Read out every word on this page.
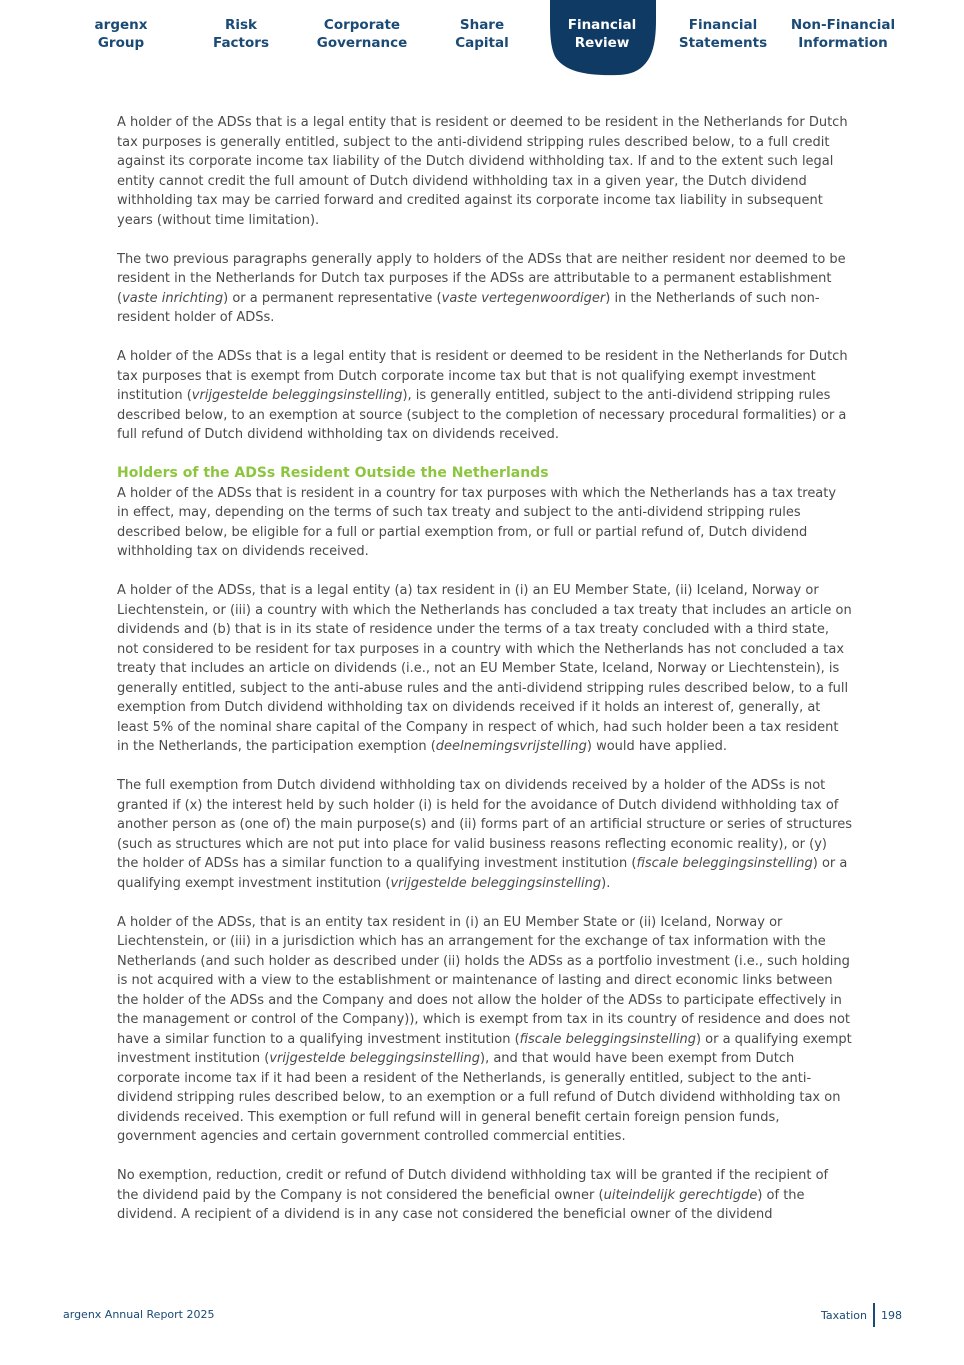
argenx
Group
Risk
Factors
Corporate
Governance
Share
Capital
Financial
Review
Financial
Statements
Non-Financial
Information

A holder of the ADSs that is a legal entity that is resident or deemed to be resident in the Netherlands for Dutch tax purposes is generally entitled, subject to the anti-dividend stripping rules described below, to a full credit against its corporate income tax liability of the Dutch dividend withholding tax. If and to the extent such legal entity cannot credit the full amount of Dutch dividend withholding tax in a given year, the Dutch dividend withholding tax may be carried forward and credited against its corporate income tax liability in subsequent years (without time limitation).

The two previous paragraphs generally apply to holders of the ADSs that are neither resident nor deemed to be resident in the Netherlands for Dutch tax purposes if the ADSs are attributable to a permanent establishment (vaste inrichting) or a permanent representative (vaste vertegenwoordiger) in the Netherlands of such non-resident holder of ADSs.

A holder of the ADSs that is a legal entity that is resident or deemed to be resident in the Netherlands for Dutch tax purposes that is exempt from Dutch corporate income tax but that is not qualifying exempt investment institution (vrijgestelde beleggingsinstelling), is generally entitled, subject to the anti-dividend stripping rules described below, to an exemption at source (subject to the completion of necessary procedural formalities) or a full refund of Dutch dividend withholding tax on dividends received.

Holders of the ADSs Resident Outside the Netherlands

A holder of the ADSs that is resident in a country for tax purposes with which the Netherlands has a tax treaty in effect, may, depending on the terms of such tax treaty and subject to the anti-dividend stripping rules described below, be eligible for a full or partial exemption from, or full or partial refund of, Dutch dividend withholding tax on dividends received.

A holder of the ADSs, that is a legal entity (a) tax resident in (i) an EU Member State, (ii) Iceland, Norway or Liechtenstein, or (iii) a country with which the Netherlands has concluded a tax treaty that includes an article on dividends and (b) that is in its state of residence under the terms of a tax treaty concluded with a third state, not considered to be resident for tax purposes in a country with which the Netherlands has not concluded a tax treaty that includes an article on dividends (i.e., not an EU Member State, Iceland, Norway or Liechtenstein), is generally entitled, subject to the anti-abuse rules and the anti-dividend stripping rules described below, to a full exemption from Dutch dividend withholding tax on dividends received if it holds an interest of, generally, at least 5% of the nominal share capital of the Company in respect of which, had such holder been a tax resident in the Netherlands, the participation exemption (deelnemingsvrijstelling) would have applied.

The full exemption from Dutch dividend withholding tax on dividends received by a holder of the ADSs is not granted if (x) the interest held by such holder (i) is held for the avoidance of Dutch dividend withholding tax of another person as (one of) the main purpose(s) and (ii) forms part of an artificial structure or series of structures (such as structures which are not put into place for valid business reasons reflecting economic reality), or (y) the holder of ADSs has a similar function to a qualifying investment institution (fiscale beleggingsinstelling) or a qualifying exempt investment institution (vrijgestelde beleggingsinstelling).

A holder of the ADSs, that is an entity tax resident in (i) an EU Member State or (ii) Iceland, Norway or Liechtenstein, or (iii) in a jurisdiction which has an arrangement for the exchange of tax information with the Netherlands (and such holder as described under (ii) holds the ADSs as a portfolio investment (i.e., such holding is not acquired with a view to the establishment or maintenance of lasting and direct economic links between the holder of the ADSs and the Company and does not allow the holder of the ADSs to participate effectively in the management or control of the Company)), which is exempt from tax in its country of residence and does not have a similar function to a qualifying investment institution (fiscale beleggingsinstelling) or a qualifying exempt investment institution (vrijgestelde beleggingsinstelling), and that would have been exempt from Dutch corporate income tax if it had been a resident of the Netherlands, is generally entitled, subject to the anti-dividend stripping rules described below, to an exemption or a full refund of Dutch dividend withholding tax on dividends received. This exemption or full refund will in general benefit certain foreign pension funds, government agencies and certain government controlled commercial entities.

No exemption, reduction, credit or refund of Dutch dividend withholding tax will be granted if the recipient of the dividend paid by the Company is not considered the beneficial owner (uiteindelijk gerechtigde) of the dividend. A recipient of a dividend is in any case not considered the beneficial owner of the dividend

argenx Annual Report 2025	Taxation 198
